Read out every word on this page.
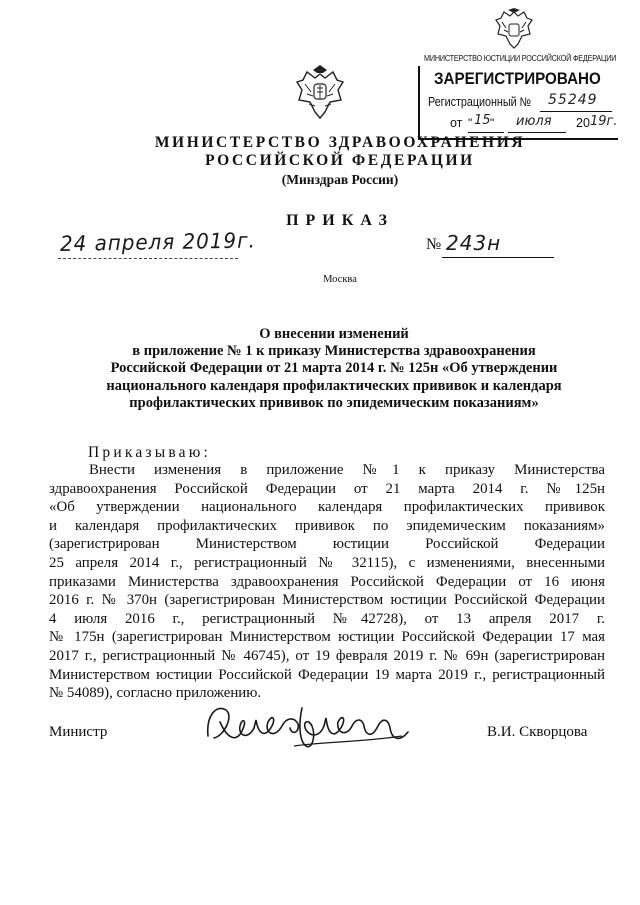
МИНИСТЕРСТВО ЮСТИЦИИ РОССИЙСКОЙ ФЕДЕРАЦИИ
ЗАРЕГИСТРИРОВАНО
Регистрационный № 55249
от " 15 " июля 20 19г.
МИНИСТЕРСТВО ЗДРАВООХРАНЕНИЯ
РОССИЙСКОЙ ФЕДЕРАЦИИ
(Минздрав России)
ПРИКАЗ
24 апреля 2019г.	№ 243н
Москва
О внесении изменений
в приложение № 1 к приказу Министерства здравоохранения
Российской Федерации от 21 марта 2014 г. № 125н «Об утверждении
национального календаря профилактических прививок и календаря
профилактических прививок по эпидемическим показаниям»
Приказываю:
Внести изменения в приложение №1 к приказу Министерства
здравоохранения Российской Федерации от 21 марта 2014 г. №125н
«Об утверждении национального календаря профилактических прививок
и календаря профилактических прививок по эпидемическим показаниям»
(зарегистрирован Министерством юстиции Российской Федерации
25 апреля 2014 г., регистрационный № 32115), с изменениями, внесенными
приказами Министерства здравоохранения Российской Федерации от 16 июня
2016 г. № 370н (зарегистрирован Министерством юстиции Российской Федерации
4 июля 2016 г., регистрационный №42728), от 13 апреля 2017 г.
№ 175н (зарегистрирован Министерством юстиции Российской Федерации 17 мая
2017 г., регистрационный № 46745), от 19 февраля 2019 г. № 69н (зарегистрирован
Министерством юстиции Российской Федерации 19 марта 2019 г., регистрационный
№ 54089), согласно приложению.
Министр	В.И. Скворцова
